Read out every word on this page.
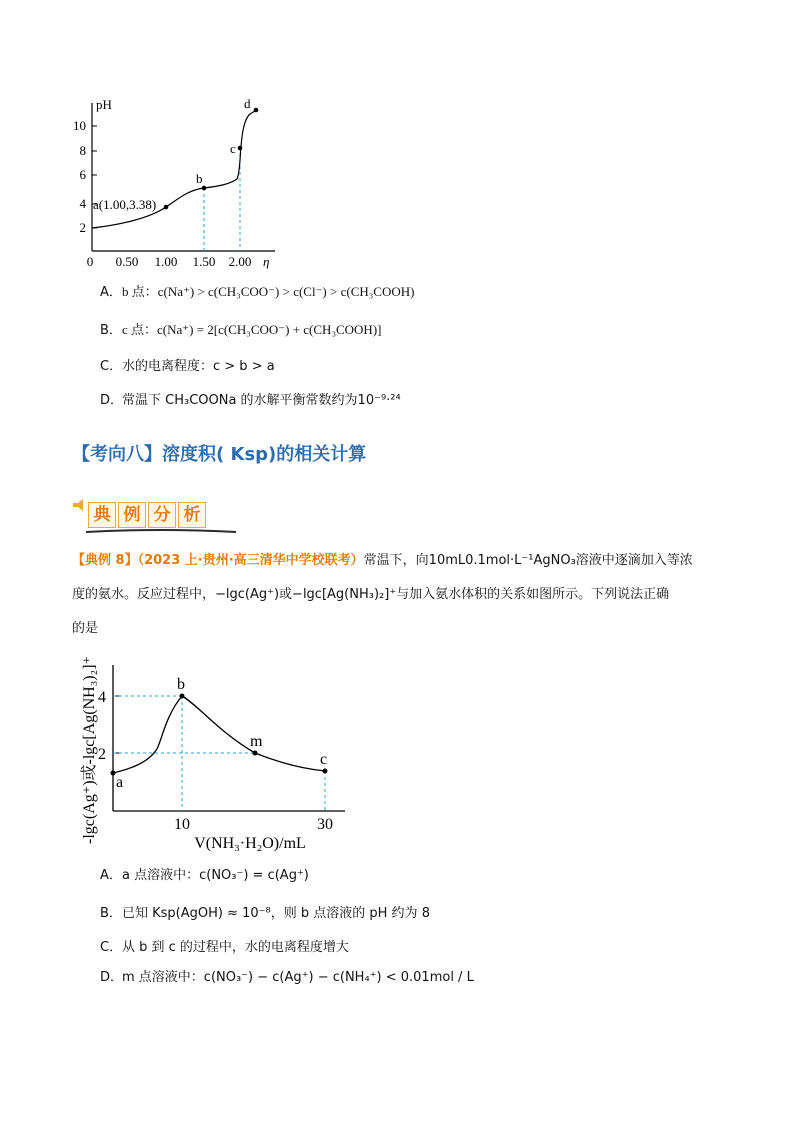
2
4
6
8
10
pH
0 0.50 1.00 1.50 2.00 η
a(1.00,3.38)
b
c
d
A．b 点：c(Na⁺) > c(CH₃COO⁻) > c(Cl⁻) > c(CH₃COOH)
B．c 点：c(Na⁺) = 2[c(CH₃COO⁻) + c(CH₃COOH)]
C．水的电离程度：c > b > a
D．常温下 CH₃COONa 的水解平衡常数约为10⁻⁹·²⁴
【考向八】溶度积( Ksp)的相关计算
典 例 分 析
【典例 8】（2023 上·贵州·高三清华中学校联考）常温下，向10mL0.1mol·L⁻¹AgNO₃溶液中逐滴加入等浓
度的氨水。反应过程中，−lgc(Ag⁺)或−lgc[Ag(NH₃)₂]⁺与加入氨水体积的关系如图所示。下列说法正确
的是
-lgc(Ag⁺)或-lgc[Ag(NH₃)₂]⁺ 4
2
10	30
V(NH₃·H₂O)/mL
a
b
m
c
A．a 点溶液中：c(NO₃⁻) = c(Ag⁺)
B．已知 Ksp(AgOH) ≈ 10⁻⁸，则 b 点溶液的 pH 约为 8
C．从 b 到 c 的过程中，水的电离程度增大
D．m 点溶液中：c(NO₃⁻) − c(Ag⁺) − c(NH₄⁺) < 0.01mol / L
